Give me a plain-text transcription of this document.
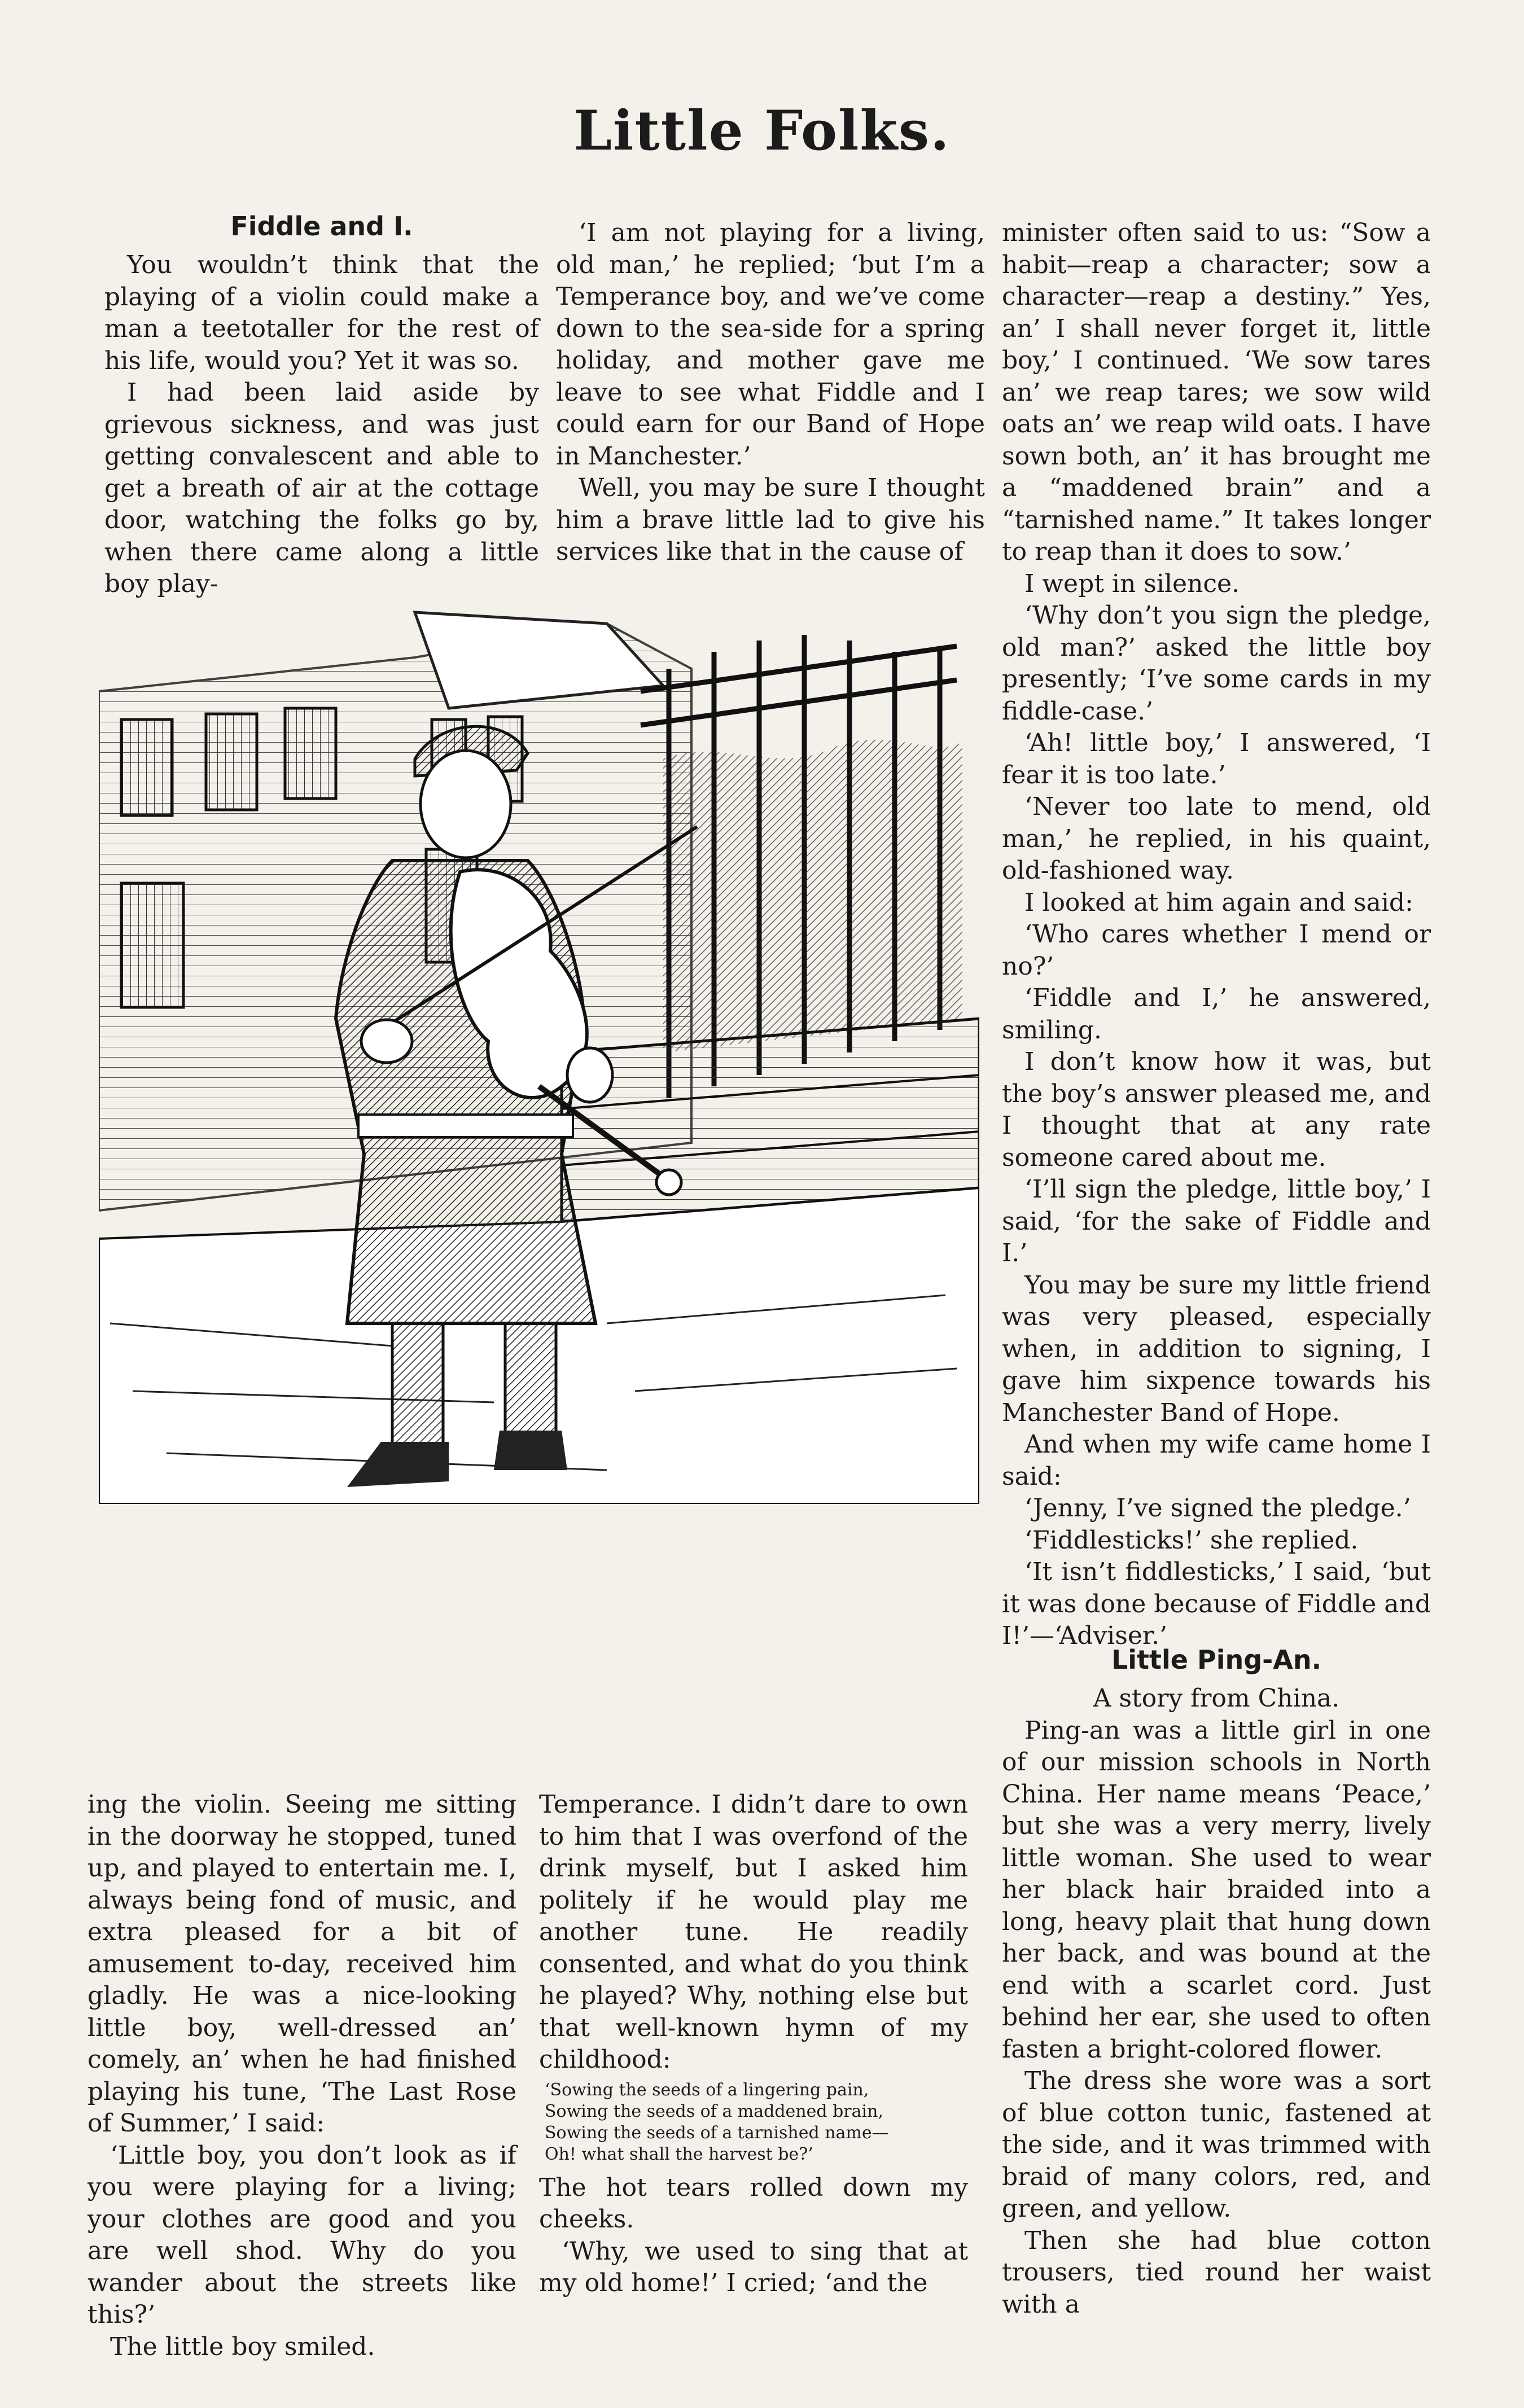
Little Folks.
Fiddle and I.

You wouldn’t think that the playing of a violin could make a man a teetotaller for the rest of his life, would you? Yet it was so.

I had been laid aside by grievous sickness, and was just getting convalescent and able to get a breath of air at the cottage door, watching the folks go by, when there came along a little boy play-

‘I am not playing for a living, old man,’ he replied; ‘but I’m a Temperance boy, and we’ve come down to the sea-side for a spring holiday, and mother gave me leave to see what Fiddle and I could earn for our Band of Hope in Manchester.’

Well, you may be sure I thought him a brave little lad to give his services like that in the cause of

minister often said to us: “Sow a habit—reap a character; sow a character—reap a destiny.” Yes, an’ I shall never forget it, little boy,’ I continued. ‘We sow tares an’ we reap tares; we sow wild oats an’ we reap wild oats. I have sown both, an’ it has brought me a “maddened brain” and a “tarnished name.” It takes longer to reap than it does to sow.’

I wept in silence.

‘Why don’t you sign the pledge, old man?’ asked the little boy presently; ‘I’ve some cards in my fiddle-case.’

‘Ah! little boy,’ I answered, ‘I fear it is too late.’

‘Never too late to mend, old man,’ he replied, in his quaint, old-fashioned way.

I looked at him again and said:

‘Who cares whether I mend or no?’

‘Fiddle and I,’ he answered, smiling.

I don’t know how it was, but the boy’s answer pleased me, and I thought that at any rate someone cared about me.

‘I’ll sign the pledge, little boy,’ I said, ‘for the sake of Fiddle and I.’

You may be sure my little friend was very pleased, especially when, in addition to signing, I gave him sixpence towards his Manchester Band of Hope.

And when my wife came home I said:

‘Jenny, I’ve signed the pledge.’

‘Fiddlesticks!’ she replied.

‘It isn’t fiddlesticks,’ I said, ‘but it was done because of Fiddle and I!’—‘Adviser.’

Little Ping-An.

A story from China.

Ping-an was a little girl in one of our mission schools in North China. Her name means ‘Peace,’ but she was a very merry, lively little woman. She used to wear her black hair braided into a long, heavy plait that hung down her back, and was bound at the end with a scarlet cord. Just behind her ear, she used to often fasten a bright-colored flower.

The dress she wore was a sort of blue cotton tunic, fastened at the side, and it was trimmed with braid of many colors, red, and green, and yellow.

Then she had blue cotton trousers, tied round her waist with a

ing the violin. Seeing me sitting in the doorway he stopped, tuned up, and played to entertain me. I, always being fond of music, and extra pleased for a bit of amusement to-day, received him gladly. He was a nice-looking little boy, well-dressed an’ comely, an’ when he had finished playing his tune, ‘The Last Rose of Summer,’ I said:

‘Little boy, you don’t look as if you were playing for a living; your clothes are good and you are well shod. Why do you wander about the streets like this?’

The little boy smiled.

Temperance. I didn’t dare to own to him that I was overfond of the drink myself, but I asked him politely if he would play me another tune. He readily consented, and what do you think he played? Why, nothing else but that well-known hymn of my childhood:

‘Sowing the seeds of a lingering pain,
Sowing the seeds of a maddened brain,
Sowing the seeds of a tarnished name—
Oh! what shall the harvest be?’

The hot tears rolled down my cheeks.

‘Why, we used to sing that at my old home!’ I cried; ‘and the
